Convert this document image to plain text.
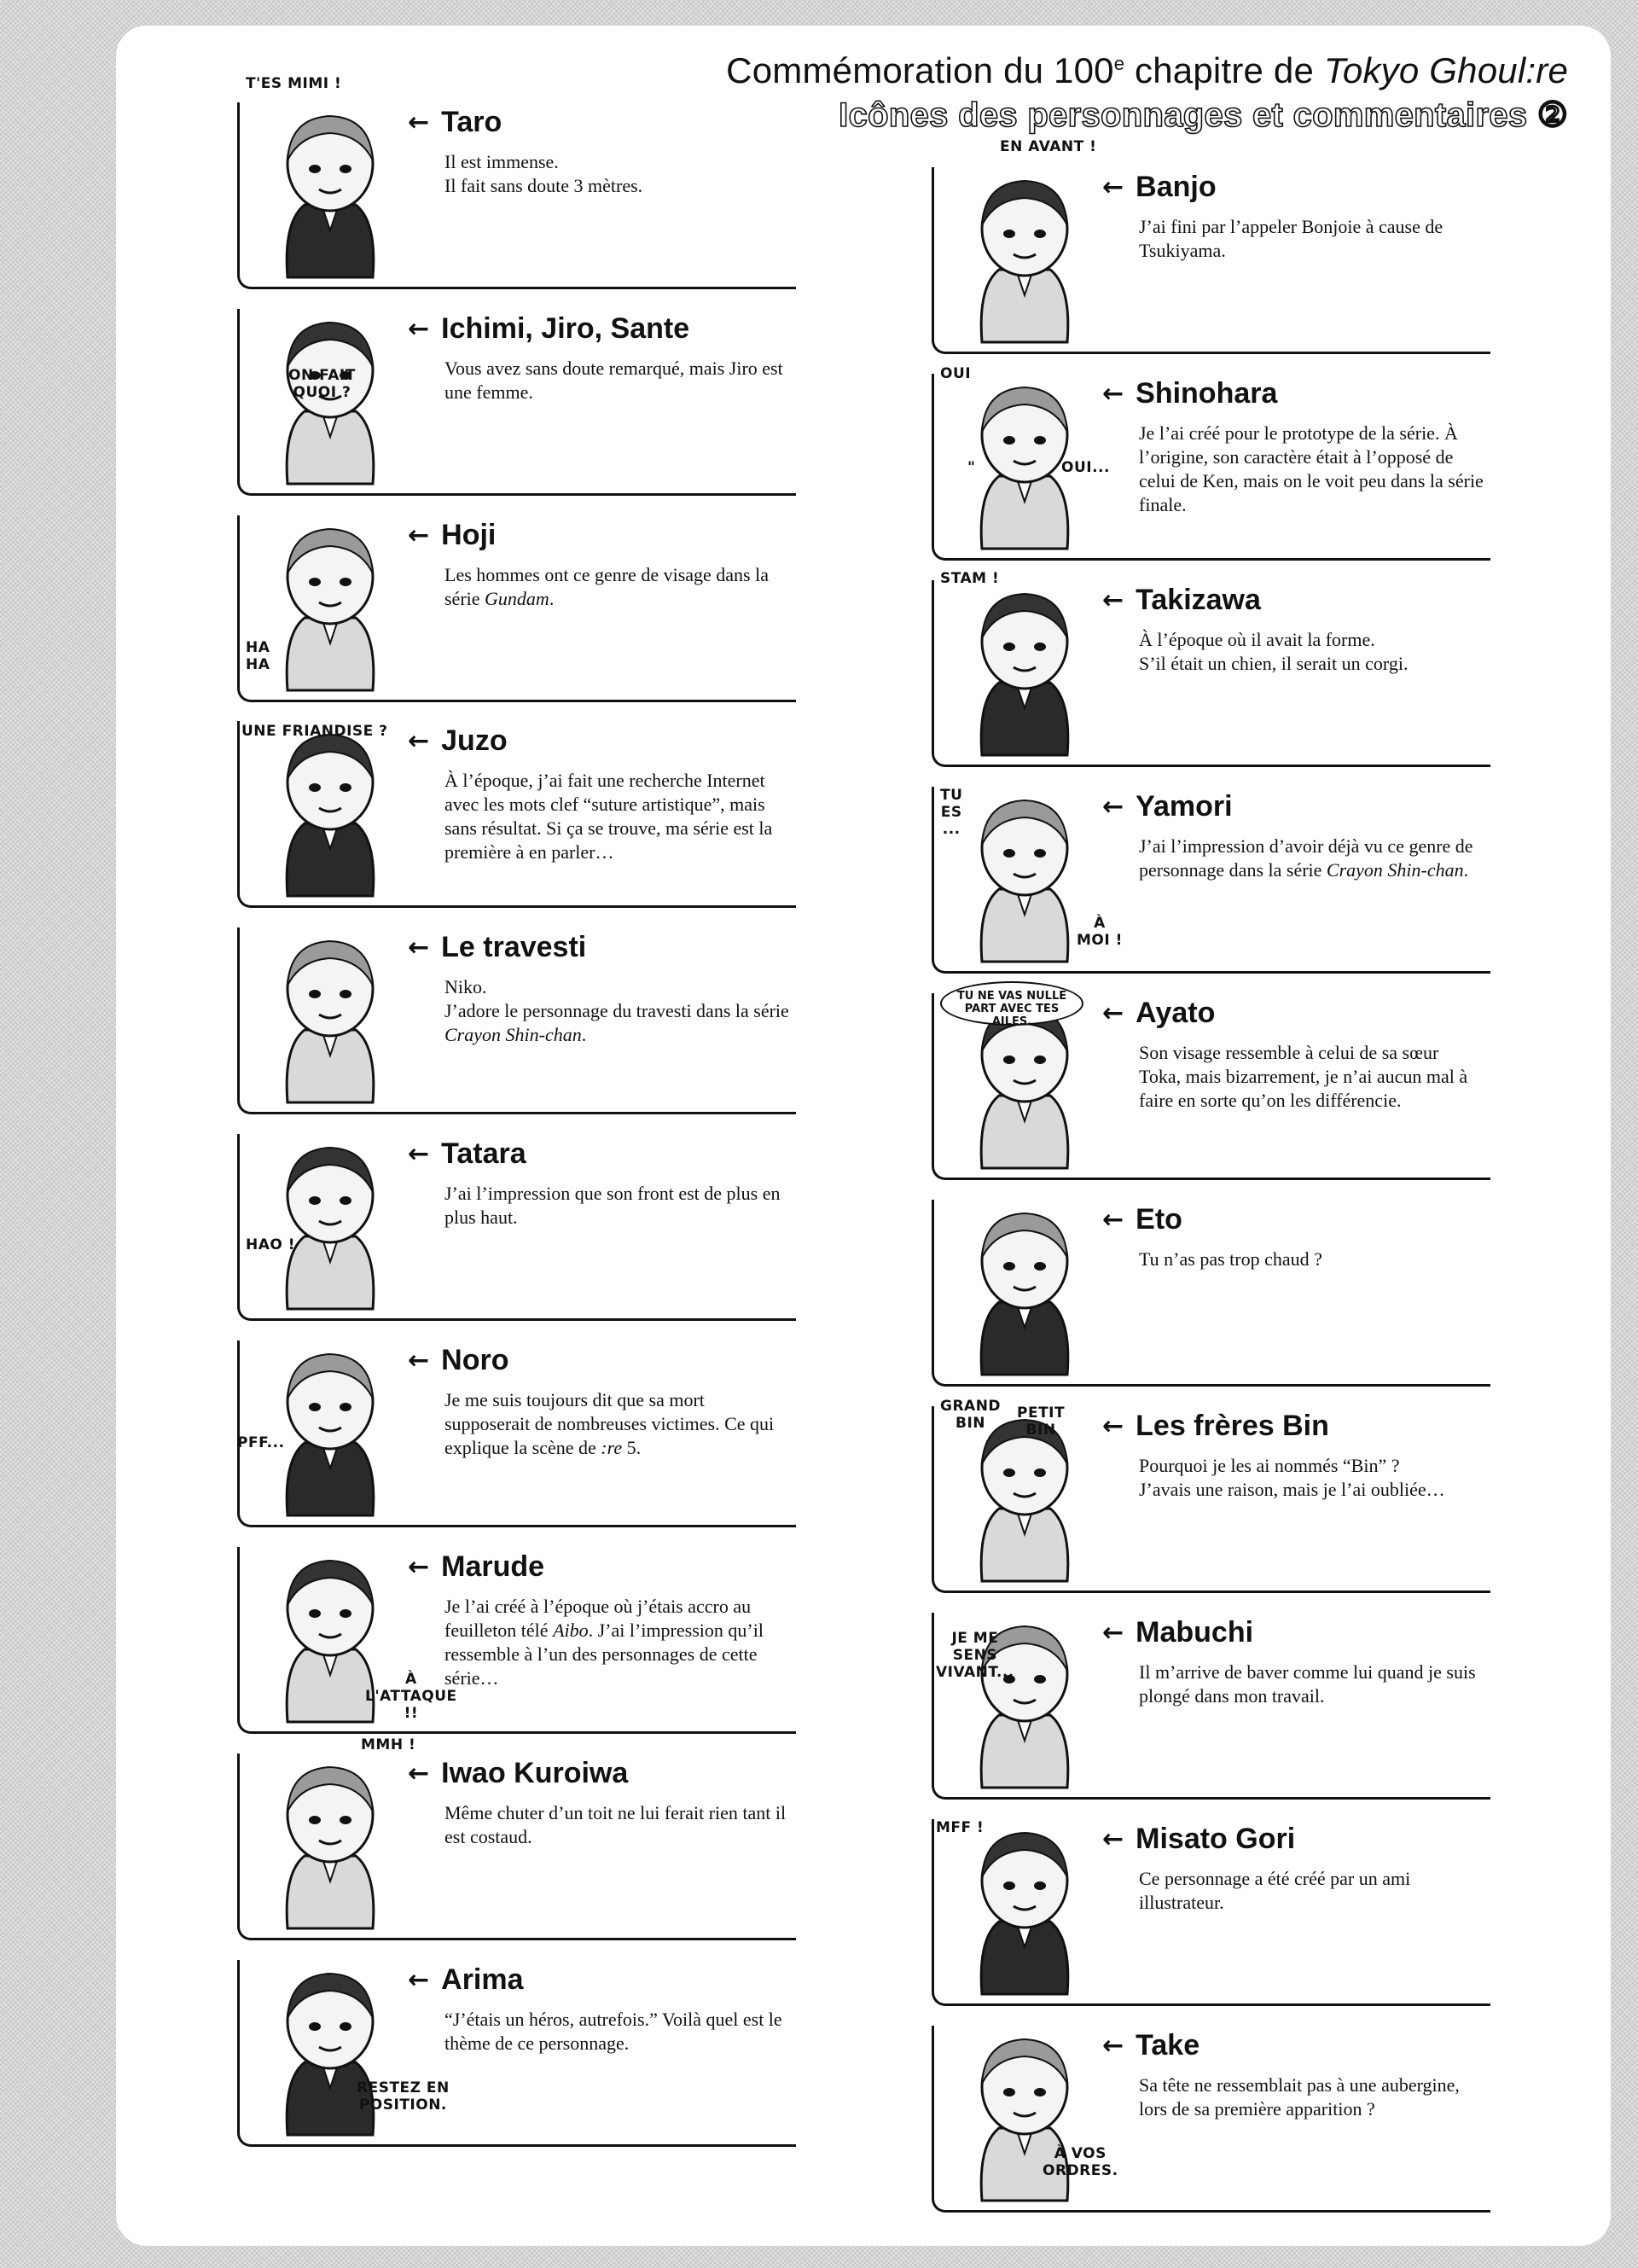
Commémoration du 100e chapitre de Tokyo Ghoul:re
Icônes des personnages et commentaires ②
T'ES MIMI !
← Taro
Il est immense.
Il fait sans doute 3 mètres.
ON FAIT
QUOI ?
← Ichimi, Jiro, Sante
Vous avez sans doute remarqué, mais Jiro est une femme.
HA
HA
← Hoji
Les hommes ont ce genre de visage dans la série Gundam.
UNE FRIANDISE ? ← Juzo
À l’époque, j’ai fait une recherche Internet avec les mots clef “suture artistique”, mais sans résultat. Si ça se trouve, ma série est la première à en parler…
← Le travesti
Niko.
J’adore le personnage du travesti dans la série Crayon Shin-chan.
HAO !
← Tatara
J’ai l’impression que son front est de plus en plus haut.
PFF...
← Noro
Je me suis toujours dit que sa mort supposerait de nombreuses victimes. Ce qui explique la scène de :re 5.
À
L'ATTAQUE
!!
← Marude
Je l’ai créé à l’époque où j’étais accro au feuilleton télé Aibo. J’ai l’impression qu’il ressemble à l’un des personnages de cette série…
MMH !
← Iwao Kuroiwa
Même chuter d’un toit ne lui ferait rien tant il est costaud.
RESTEZ EN
POSITION.
← Arima
“J’étais un héros, autrefois.” Voilà quel est le thème de ce personnage.
EN AVANT !
← Banjo
J’ai fini par l’appeler Bonjoie à cause de Tsukiyama.
OUI
OUI...
"
← Shinohara
Je l’ai créé pour le prototype de la série. À l’origine, son caractère était à l’opposé de celui de Ken, mais on le voit peu dans la série finale.
STAM !
← Takizawa
À l’époque où il avait la forme.
S’il était un chien, il serait un corgi.
TU
ES
...
À
MOI !
← Yamori
J’ai l’impression d’avoir déjà vu ce genre de personnage dans la série Crayon Shin-chan.
TU NE VAS NULLE PART AVEC TES AILES.	← Ayato
Son visage ressemble à celui de sa sœur Toka, mais bizarrement, je n’ai aucun mal à faire en sorte qu’on les différencie.
← Eto
Tu n’as pas trop chaud ?
GRAND
BIN
PETIT
BIN	← Les frères Bin
Pourquoi je les ai nommés “Bin” ?
J’avais une raison, mais je l’ai oubliée…
JE ME
SENS
VIVANT...
← Mabuchi
Il m’arrive de baver comme lui quand je suis plongé dans mon travail.
MFF !	← Misato Gori
Ce personnage a été créé par un ami illustrateur.
À VOS
ORDRES.
← Take
Sa tête ne ressemblait pas à une aubergine, lors de sa première apparition ?
